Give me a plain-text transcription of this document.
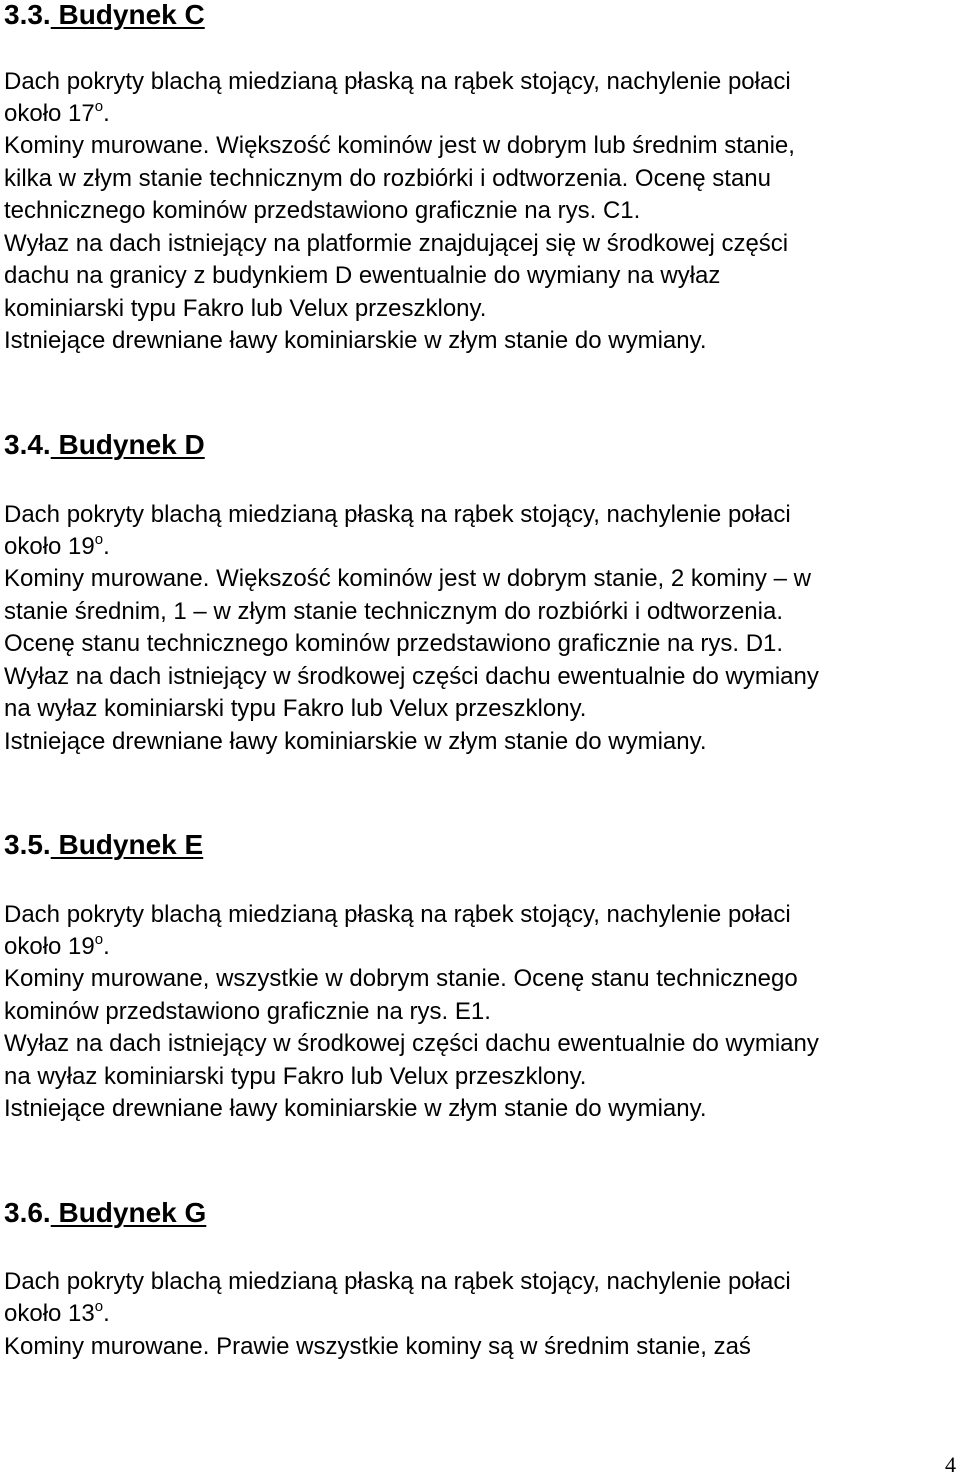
3.3. Budynek C
Dach pokryty blachą miedzianą płaską na rąbek stojący, nachylenie połaci
około 17$^o$.
Kominy murowane. Większość kominów jest w dobrym lub średnim stanie,
kilka w złym stanie technicznym do rozbiórki i odtworzenia. Ocenę stanu
technicznego kominów przedstawiono graficznie na rys. C1.
Wyłaz na dach istniejący na platformie znajdującej się w środkowej części
dachu na granicy z budynkiem D ewentualnie do wymiany na wyłaz
kominiarski typu Fakro lub Velux przeszklony.
Istniejące drewniane ławy kominiarskie w złym stanie do wymiany.
3.4. Budynek D
Dach pokryty blachą miedzianą płaską na rąbek stojący, nachylenie połaci
około 19$^o$.
Kominy murowane. Większość kominów jest w dobrym stanie, 2 kominy – w
stanie średnim, 1 – w złym stanie technicznym do rozbiórki i odtworzenia.
Ocenę stanu technicznego kominów przedstawiono graficznie na rys. D1.
Wyłaz na dach istniejący w środkowej części dachu ewentualnie do wymiany
na wyłaz kominiarski typu Fakro lub Velux przeszklony.
Istniejące drewniane ławy kominiarskie w złym stanie do wymiany.
3.5. Budynek E
Dach pokryty blachą miedzianą płaską na rąbek stojący, nachylenie połaci
około 19$^o$.
Kominy murowane, wszystkie w dobrym stanie. Ocenę stanu technicznego
kominów przedstawiono graficznie na rys. E1.
Wyłaz na dach istniejący w środkowej części dachu ewentualnie do wymiany
na wyłaz kominiarski typu Fakro lub Velux przeszklony.
Istniejące drewniane ławy kominiarskie w złym stanie do wymiany.
3.6. Budynek G
Dach pokryty blachą miedzianą płaską na rąbek stojący, nachylenie połaci
około 13$^o$.
Kominy murowane. Prawie wszystkie kominy są w średnim stanie, zaś
4
